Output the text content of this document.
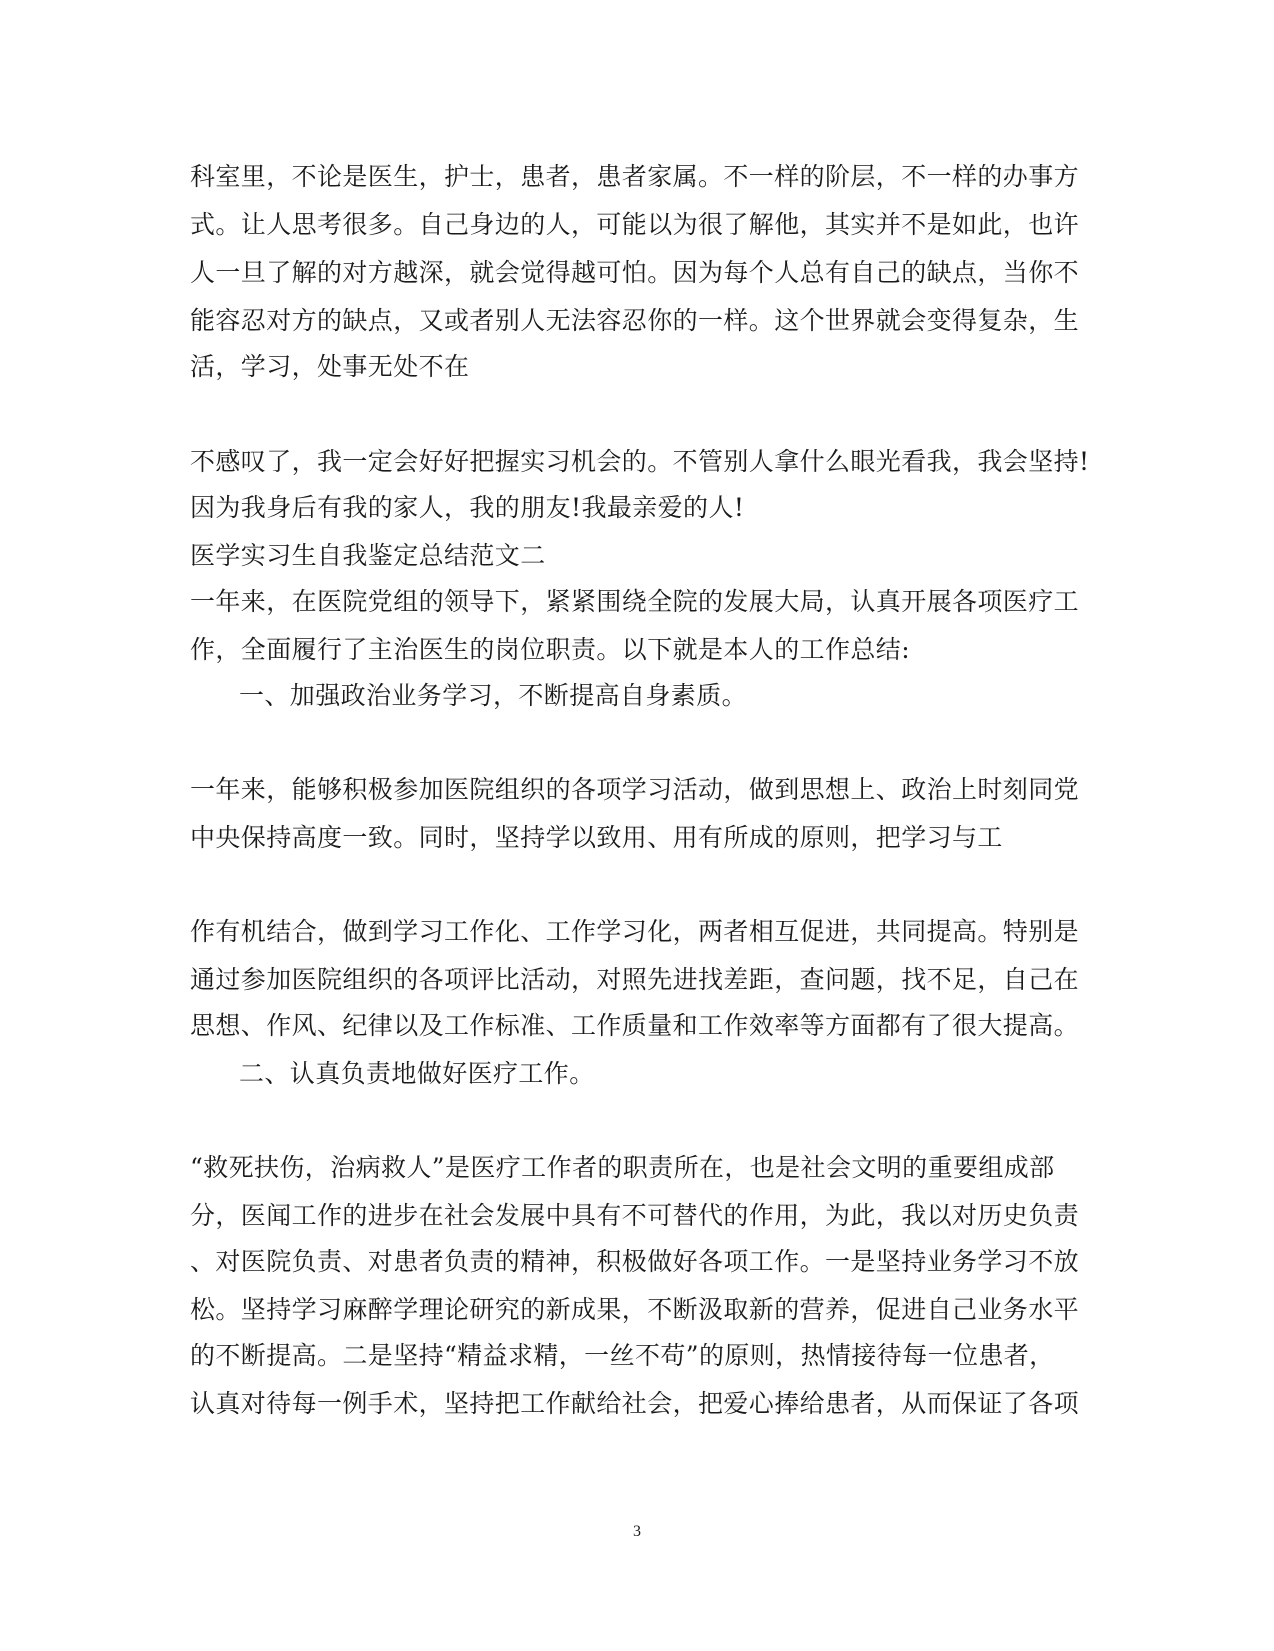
科室里，不论是医生，护士，患者，患者家属。不一样的阶层，不一样的办事方
式。让人思考很多。自己身边的人，可能以为很了解他，其实并不是如此，也许
人一旦了解的对方越深，就会觉得越可怕。因为每个人总有自己的缺点，当你不
能容忍对方的缺点，又或者别人无法容忍你的一样。这个世界就会变得复杂，生
活，学习，处事无处不在
不感叹了，我一定会好好把握实习机会的。不管别人拿什么眼光看我，我会坚持!
因为我身后有我的家人，我的朋友!我最亲爱的人!
医学实习生自我鉴定总结范文二
一年来，在医院党组的领导下，紧紧围绕全院的发展大局，认真开展各项医疗工
作，全面履行了主治医生的岗位职责。以下就是本人的工作总结:
一、加强政治业务学习，不断提高自身素质。
一年来，能够积极参加医院组织的各项学习活动，做到思想上、政治上时刻同党
中央保持高度一致。同时，坚持学以致用、用有所成的原则，把学习与工
作有机结合，做到学习工作化、工作学习化，两者相互促进，共同提高。特别是
通过参加医院组织的各项评比活动，对照先进找差距，查问题，找不足，自己在
思想、作风、纪律以及工作标准、工作质量和工作效率等方面都有了很大提高。
二、认真负责地做好医疗工作。
“救死扶伤，治病救人”是医疗工作者的职责所在，也是社会文明的重要组成部
分，医闻工作的进步在社会发展中具有不可替代的作用，为此，我以对历史负责
、对医院负责、对患者负责的精神，积极做好各项工作。一是坚持业务学习不放
松。坚持学习麻醉学理论研究的新成果，不断汲取新的营养，促进自己业务水平
的不断提高。二是坚持“精益求精，一丝不苟”的原则，热情接待每一位患者，
认真对待每一例手术，坚持把工作献给社会，把爱心捧给患者，从而保证了各项
3
